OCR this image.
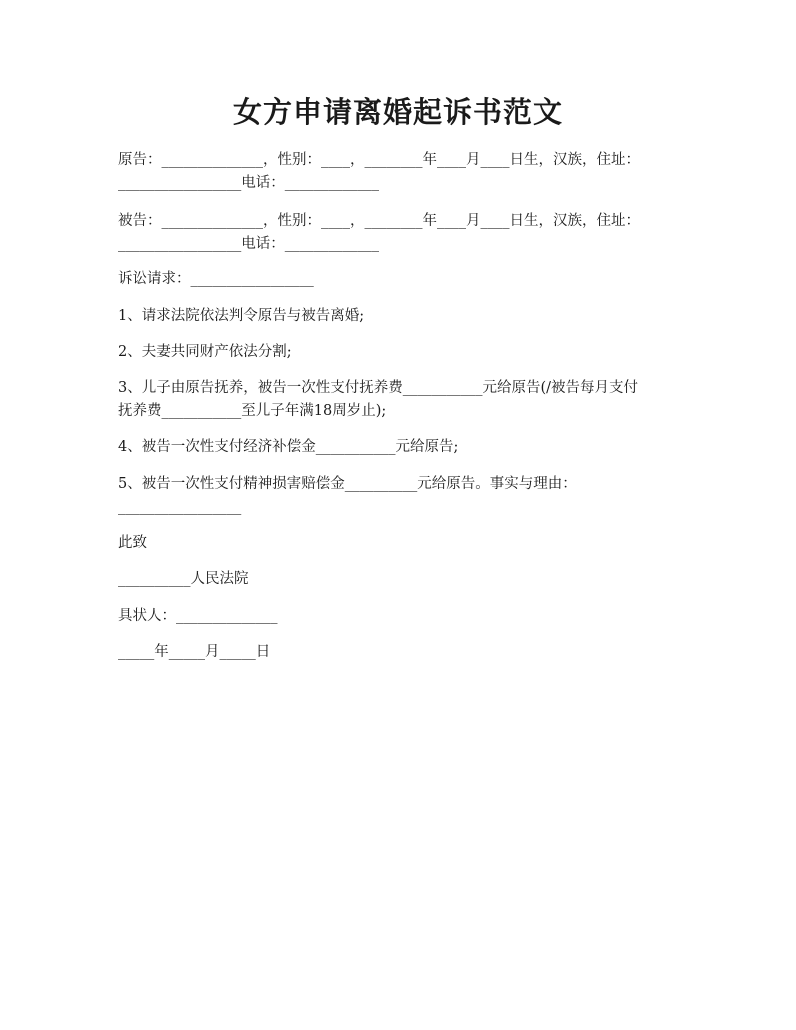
女方申请离婚起诉书范文

原告：______________，性别：____，________年____月____日生，汉族，住址：

_________________电话：_____________

被告：______________，性别：____，________年____月____日生，汉族，住址：

_________________电话：_____________

诉讼请求：_________________

1、请求法院依法判令原告与被告离婚;

2、夫妻共同财产依法分割;

3、儿子由原告抚养，被告一次性支付抚养费___________元给原告(/被告每月支付

抚养费___________至儿子年满18周岁止);

4、被告一次性支付经济补偿金___________元给原告;

5、被告一次性支付精神损害赔偿金__________元给原告。事实与理由：

_________________

此致

__________人民法院

具状人：______________

_____年_____月_____日
